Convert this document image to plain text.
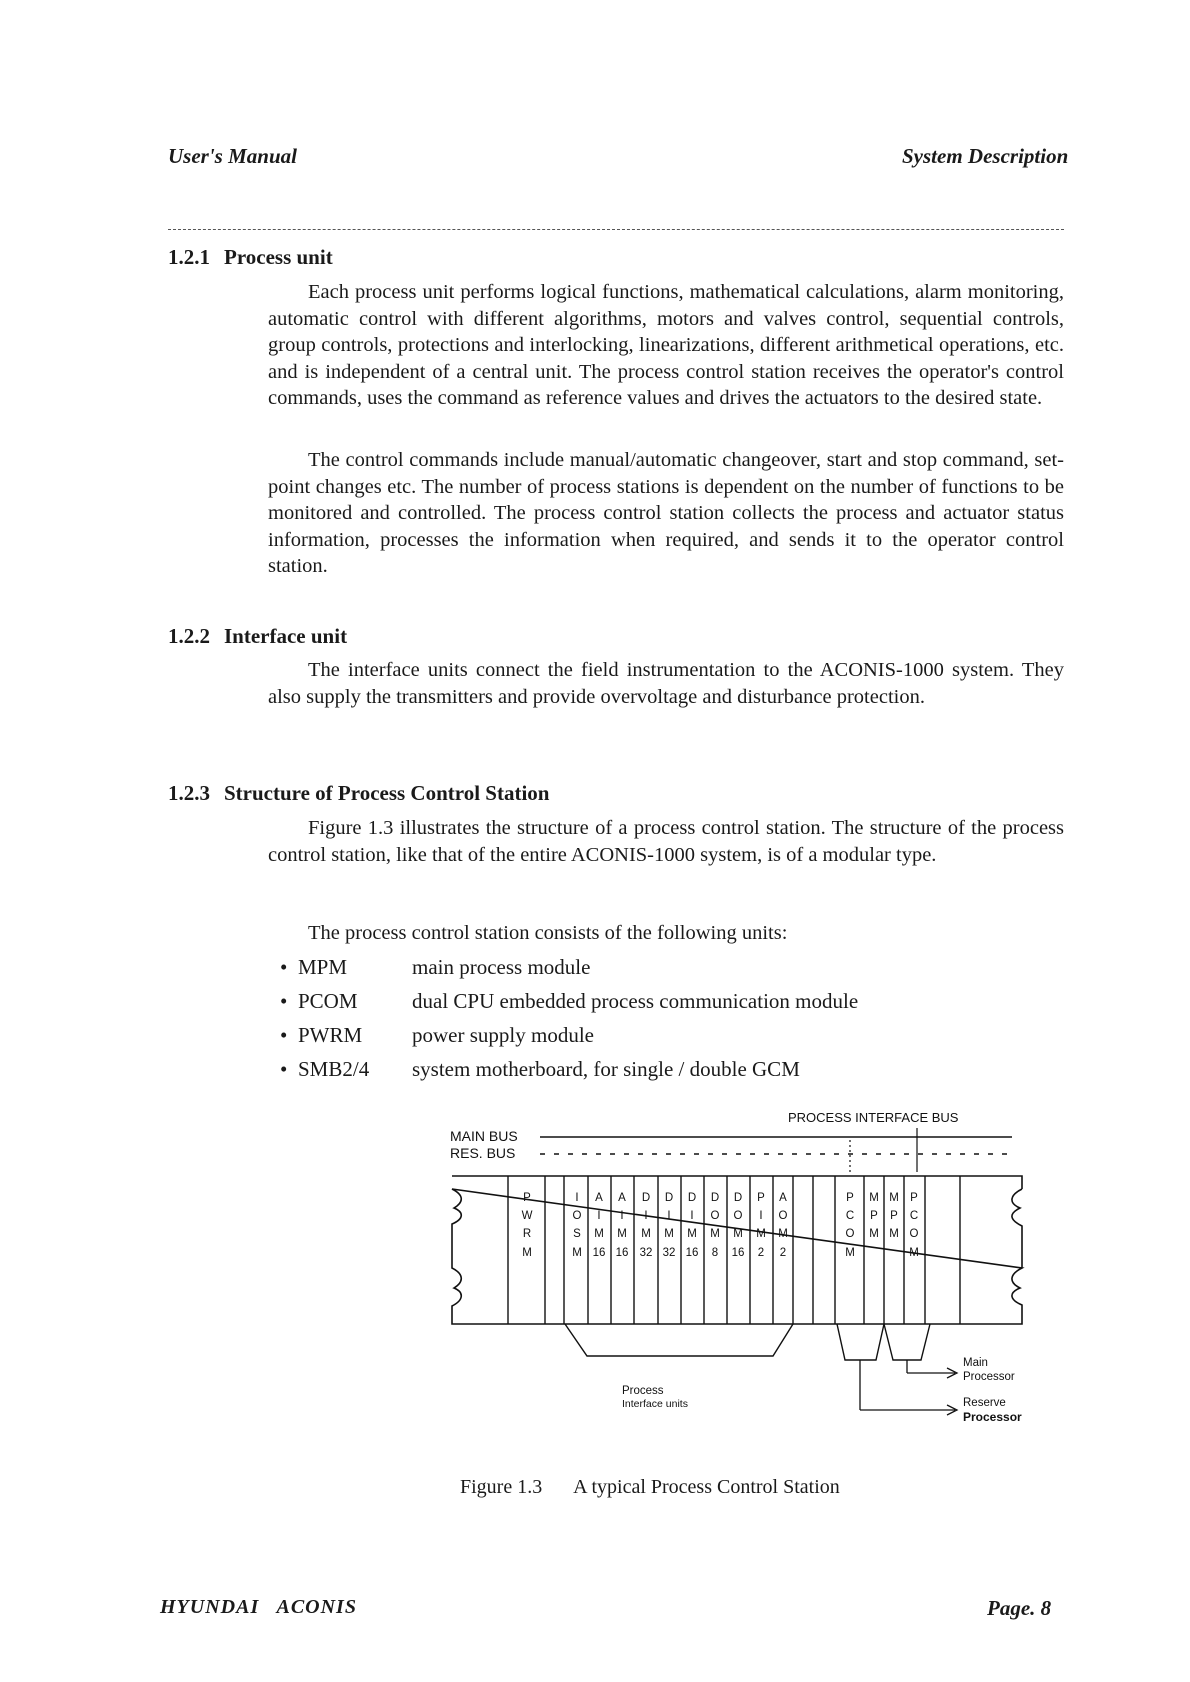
User's Manual	System Description
1.2.1 Process unit

Each process unit performs logical functions, mathematical calculations, alarm monitoring, automatic control with different algorithms, motors and valves control, sequential controls, group controls, protections and interlocking, linearizations, different arithmetical operations, etc. and is independent of a central unit. The process control station receives the operator's control commands, uses the command as reference values and drives the actuators to the desired state.

The control commands include manual/automatic changeover, start and stop command, set-point changes etc. The number of process stations is dependent on the number of functions to be monitored and controlled. The process control station collects the process and actuator status information, processes the information when required, and sends it to the operator control station.

1.2.2 Interface unit

The interface units connect the field instrumentation to the ACONIS-1000 system. They also supply the transmitters and provide overvoltage and disturbance protection.

1.2.3 Structure of Process Control Station

Figure 1.3 illustrates the structure of a process control station. The structure of the process control station, like that of the entire ACONIS-1000 system, is of a modular type.

The process control station consists of the following units:

• MPM	main process module
• PCOM	dual CPU embedded process communication module
• PWRM power supply module
• SMB2/4 system motherboard, for single / double GCM
PROCESS INTERFACE BUS
MAIN BUS
RES. BUS
P
W
R
M
I
O
S
M
A
I
M
16
A
I
M
16
D
I
M
32
D
I
M
32
D
I
M
16
D
O
M
8
D
O
M
16
P
I
M
2
A
O
M
2
P
C
O
M
M
P
M
M
P
M
P
C
O
M
Process
Interface units
Main
Processor
Reserve
Processor
Figure 1.3 A typical Process Control Station
HYUNDAI   ACONIS	Page. 8
